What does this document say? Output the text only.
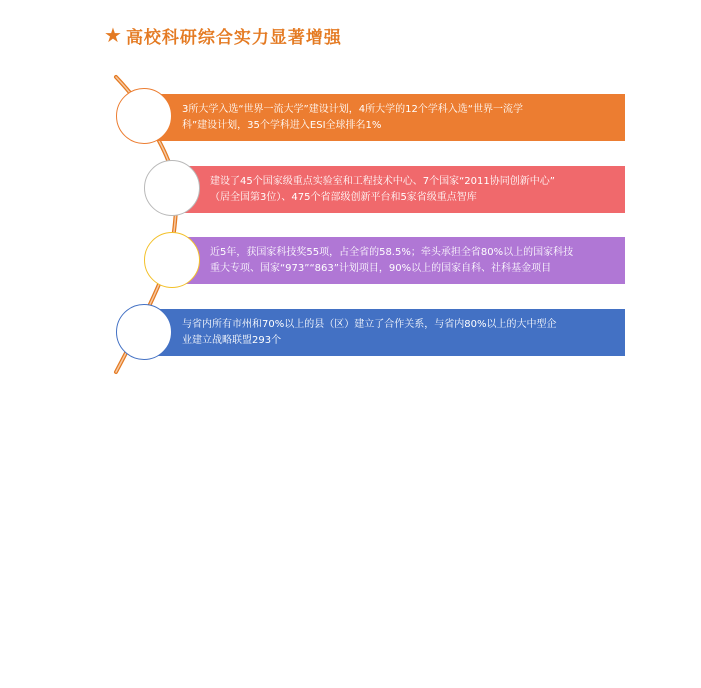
★ 高校科研综合实力显著增强
3所大学入选“世界一流大学”建设计划，4所大学的12个学科入选“世界一流学
科”建设计划，35个学科进入ESI全球排名1%
建设了45个国家级重点实验室和工程技术中心、7个国家“2011协同创新中心”
（居全国第3位）、475个省部级创新平台和5家省级重点智库
近5年，获国家科技奖55项，占全省的58.5%；牵头承担全省80%以上的国家科技
重大专项、国家“973”“863”计划项目，90%以上的国家自科、社科基金项目
与省内所有市州和70%以上的县（区）建立了合作关系，与省内80%以上的大中型企
业建立战略联盟293个
